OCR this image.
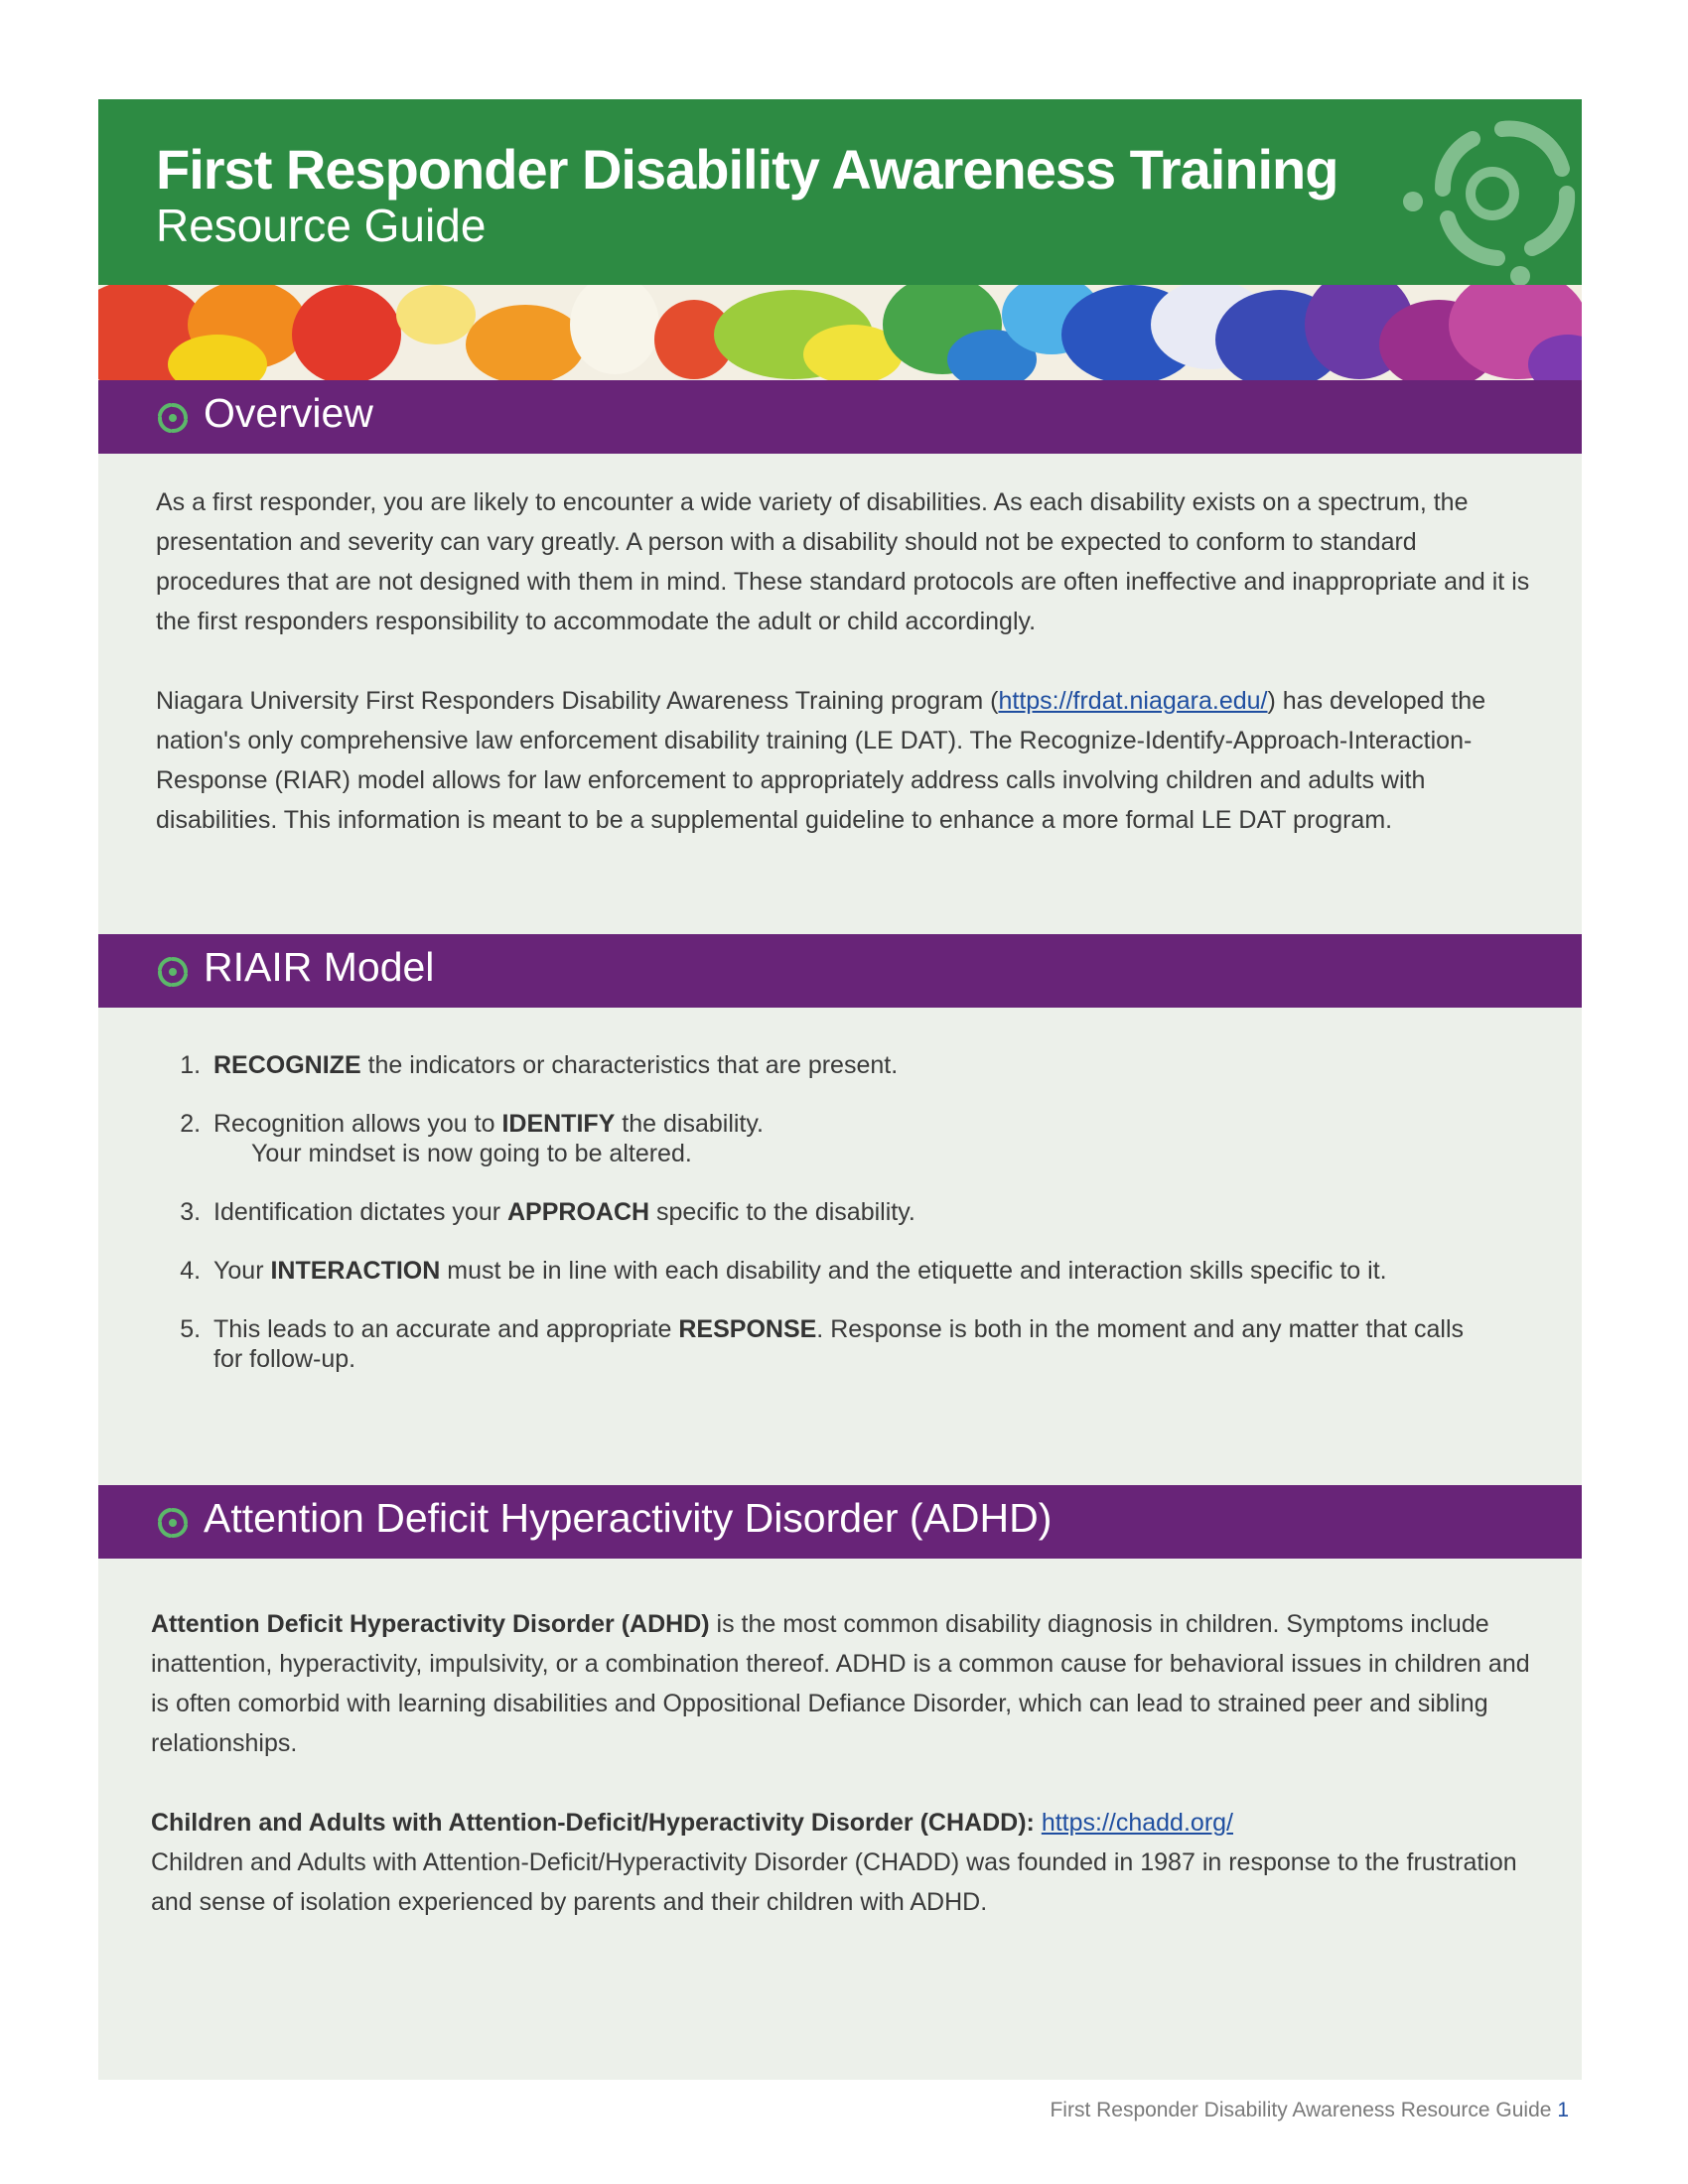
First Responder Disability Awareness Training
Resource Guide
Overview
As a first responder, you are likely to encounter a wide variety of disabilities. As each disability exists on a spectrum, the presentation and severity can vary greatly. A person with a disability should not be expected to conform to standard procedures that are not designed with them in mind. These standard protocols are often ineffective and inappropriate and it is the first responders responsibility to accommodate the adult or child accordingly.
Niagara University First Responders Disability Awareness Training program (https://frdat.niagara.edu/) has developed the nation's only comprehensive law enforcement disability training (LE DAT). The Recognize-Identify-Approach-Interaction-Response (RIAR) model allows for law enforcement to appropriately address calls involving children and adults with disabilities. This information is meant to be a supplemental guideline to enhance a more formal LE DAT program.
RIAIR Model
1. RECOGNIZE the indicators or characteristics that are present.
2. Recognition allows you to IDENTIFY the disability.
Your mindset is now going to be altered.
3. Identification dictates your APPROACH specific to the disability.
4. Your INTERACTION must be in line with each disability and the etiquette and interaction skills specific to it.
5. This leads to an accurate and appropriate RESPONSE. Response is both in the moment and any matter that calls for follow-up.
Attention Deficit Hyperactivity Disorder (ADHD)
Attention Deficit Hyperactivity Disorder (ADHD) is the most common disability diagnosis in children. Symptoms include inattention, hyperactivity, impulsivity, or a combination thereof. ADHD is a common cause for behavioral issues in children and is often comorbid with learning disabilities and Oppositional Defiance Disorder, which can lead to strained peer and sibling relationships.
Children and Adults with Attention-Deficit/Hyperactivity Disorder (CHADD): https://chadd.org/
Children and Adults with Attention-Deficit/Hyperactivity Disorder (CHADD) was founded in 1987 in response to the frustration and sense of isolation experienced by parents and their children with ADHD.
First Responder Disability Awareness Resource Guide 1
